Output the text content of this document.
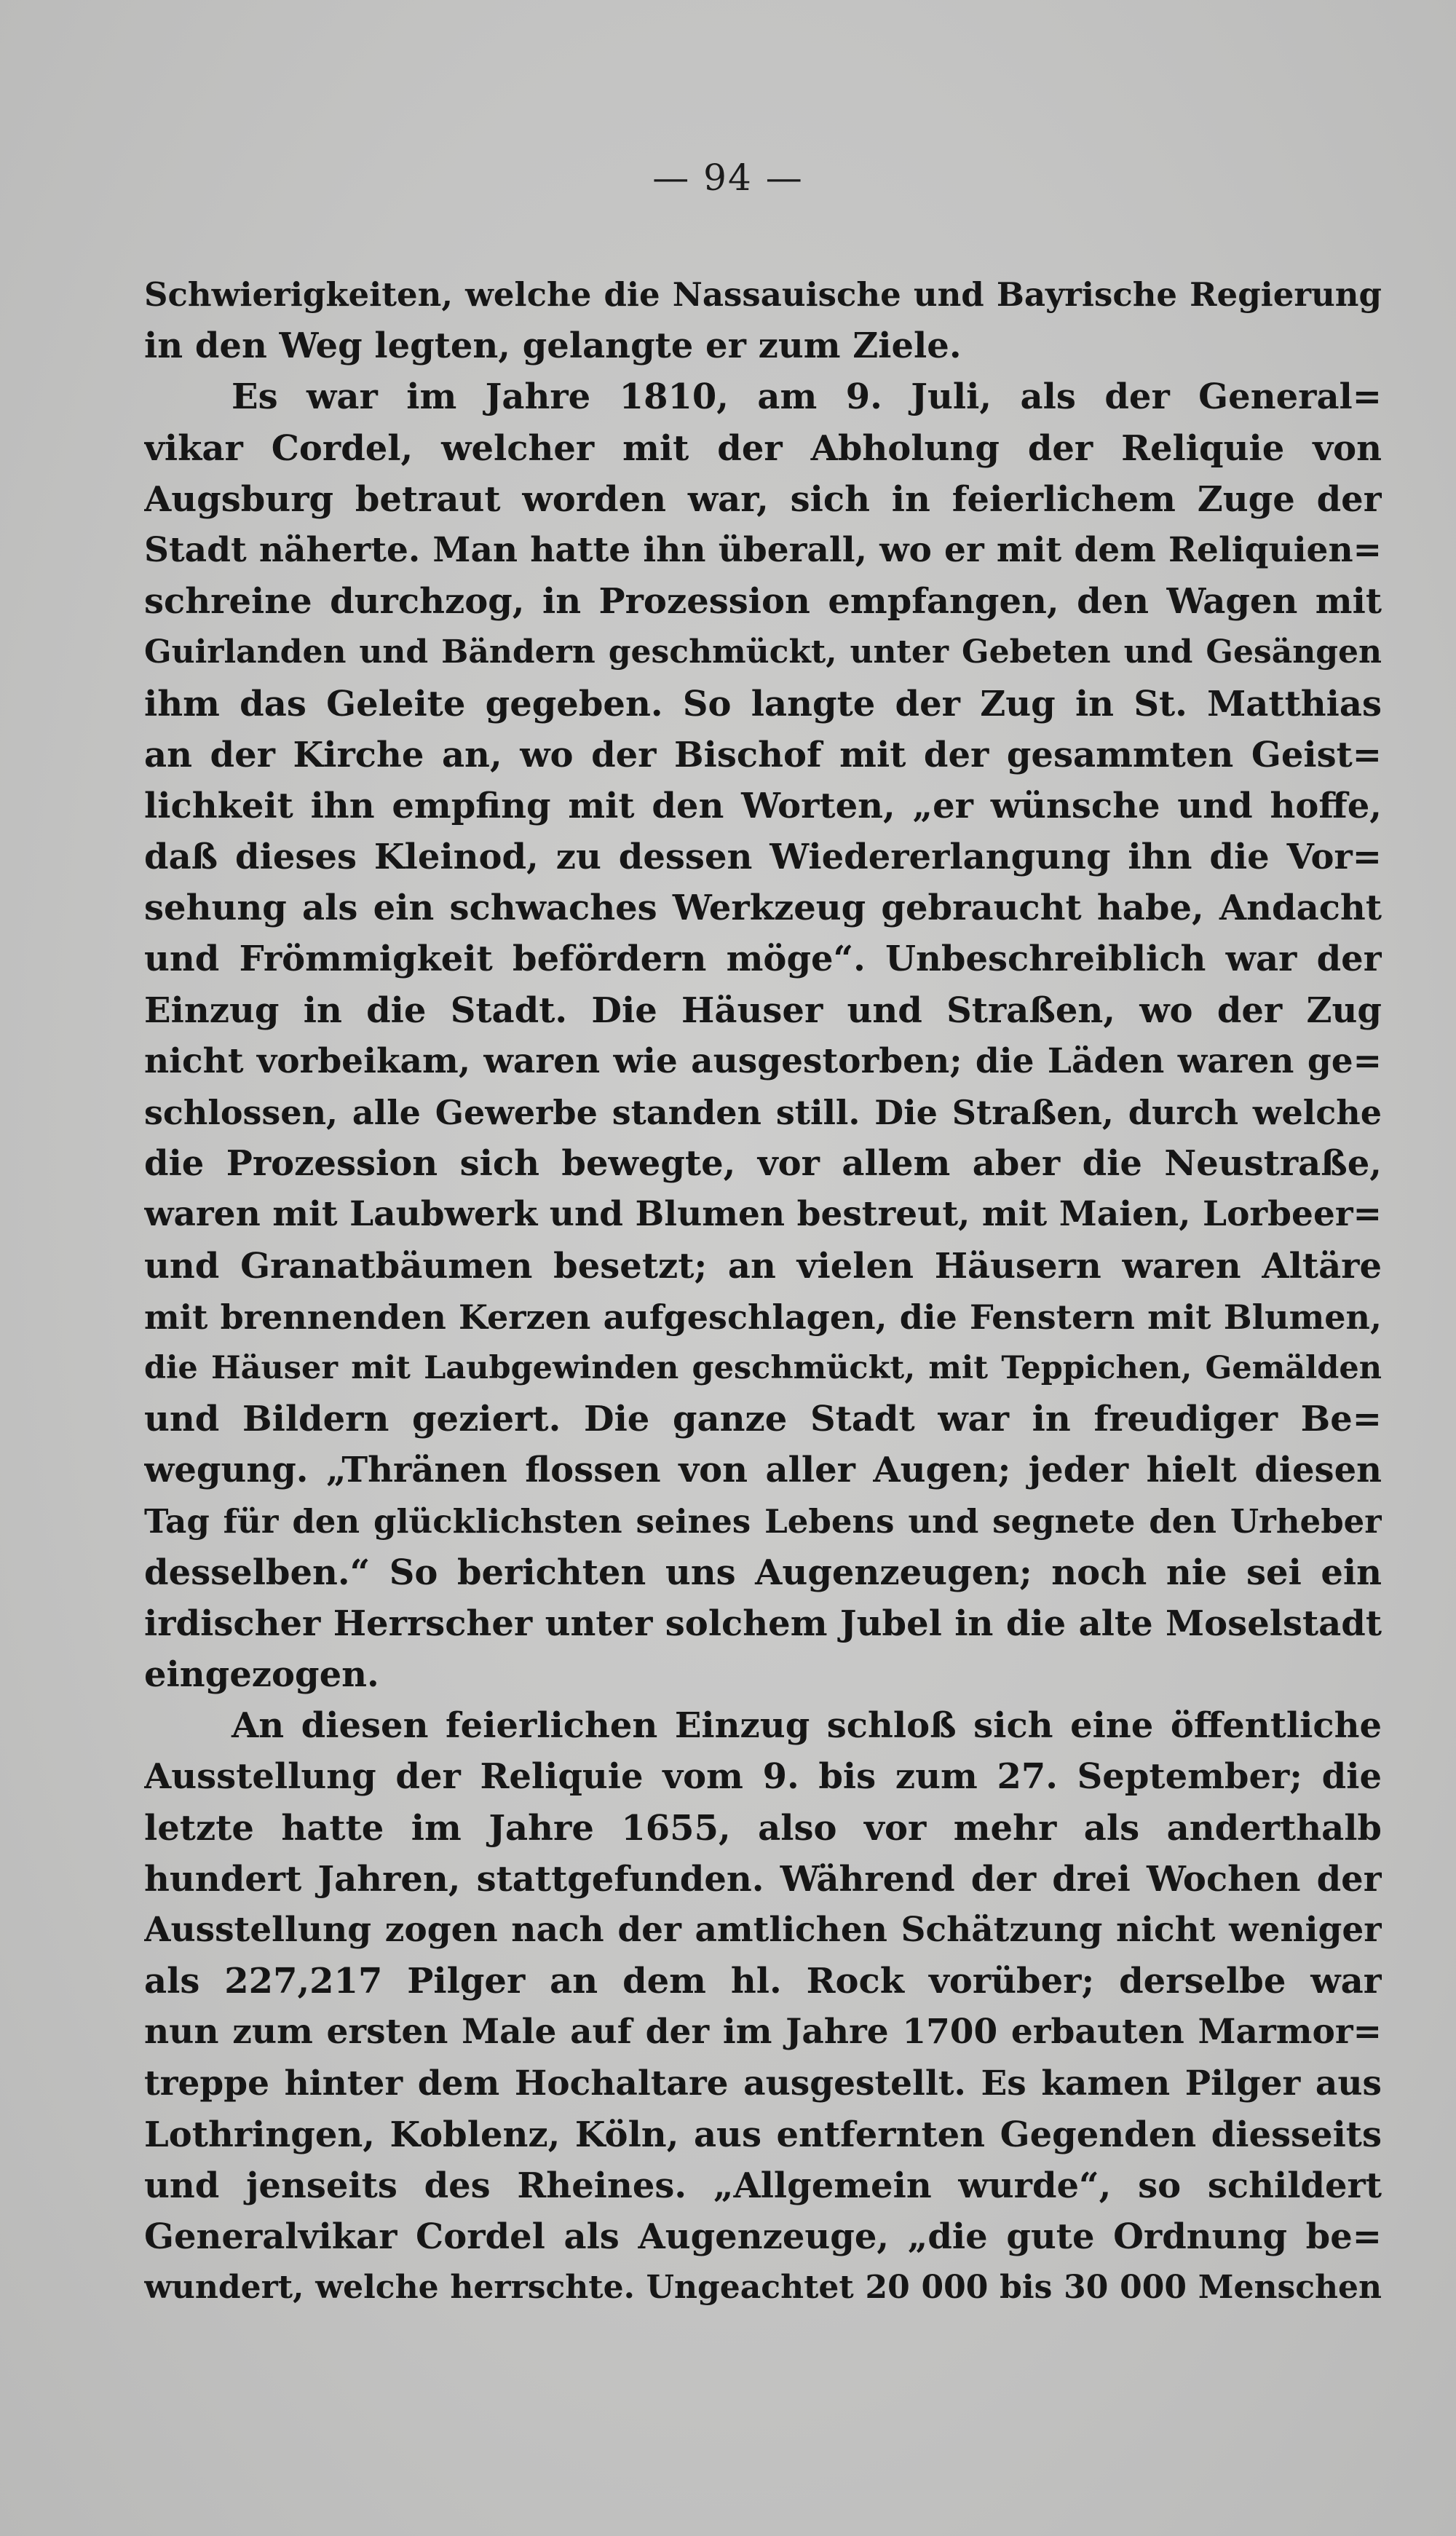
— 94 —
Schwierigkeiten, welche die Nassauische und Bayrische Regierung
in den Weg legten, gelangte er zum Ziele.
Es war im Jahre 1810, am 9. Juli, als der General=
vikar Cordel, welcher mit der Abholung der Reliquie von
Augsburg betraut worden war, sich in feierlichem Zuge der
Stadt näherte. Man hatte ihn überall, wo er mit dem Reliquien=
schreine durchzog, in Prozession empfangen, den Wagen mit
Guirlanden und Bändern geschmückt, unter Gebeten und Gesängen
ihm das Geleite gegeben. So langte der Zug in St. Matthias
an der Kirche an, wo der Bischof mit der gesammten Geist=
lichkeit ihn empfing mit den Worten, „er wünsche und hoffe,
daß dieses Kleinod, zu dessen Wiedererlangung ihn die Vor=
sehung als ein schwaches Werkzeug gebraucht habe, Andacht
und Frömmigkeit befördern möge“. Unbeschreiblich war der
Einzug in die Stadt. Die Häuser und Straßen, wo der Zug
nicht vorbeikam, waren wie ausgestorben; die Läden waren ge=
schlossen, alle Gewerbe standen still. Die Straßen, durch welche
die Prozession sich bewegte, vor allem aber die Neustraße,
waren mit Laubwerk und Blumen bestreut, mit Maien, Lorbeer=
und Granatbäumen besetzt; an vielen Häusern waren Altäre
mit brennenden Kerzen aufgeschlagen, die Fenstern mit Blumen,
die Häuser mit Laubgewinden geschmückt, mit Teppichen, Gemälden
und Bildern geziert. Die ganze Stadt war in freudiger Be=
wegung. „Thränen flossen von aller Augen; jeder hielt diesen
Tag für den glücklichsten seines Lebens und segnete den Urheber
desselben.“ So berichten uns Augenzeugen; noch nie sei ein
irdischer Herrscher unter solchem Jubel in die alte Moselstadt
eingezogen.
An diesen feierlichen Einzug schloß sich eine öffentliche
Ausstellung der Reliquie vom 9. bis zum 27. September; die
letzte hatte im Jahre 1655, also vor mehr als anderthalb
hundert Jahren, stattgefunden. Während der drei Wochen der
Ausstellung zogen nach der amtlichen Schätzung nicht weniger
als 227,217 Pilger an dem hl. Rock vorüber; derselbe war
nun zum ersten Male auf der im Jahre 1700 erbauten Marmor=
treppe hinter dem Hochaltare ausgestellt. Es kamen Pilger aus
Lothringen, Koblenz, Köln, aus entfernten Gegenden diesseits
und jenseits des Rheines. „Allgemein wurde“, so schildert
Generalvikar Cordel als Augenzeuge, „die gute Ordnung be=
wundert, welche herrschte. Ungeachtet 20 000 bis 30 000 Menschen
